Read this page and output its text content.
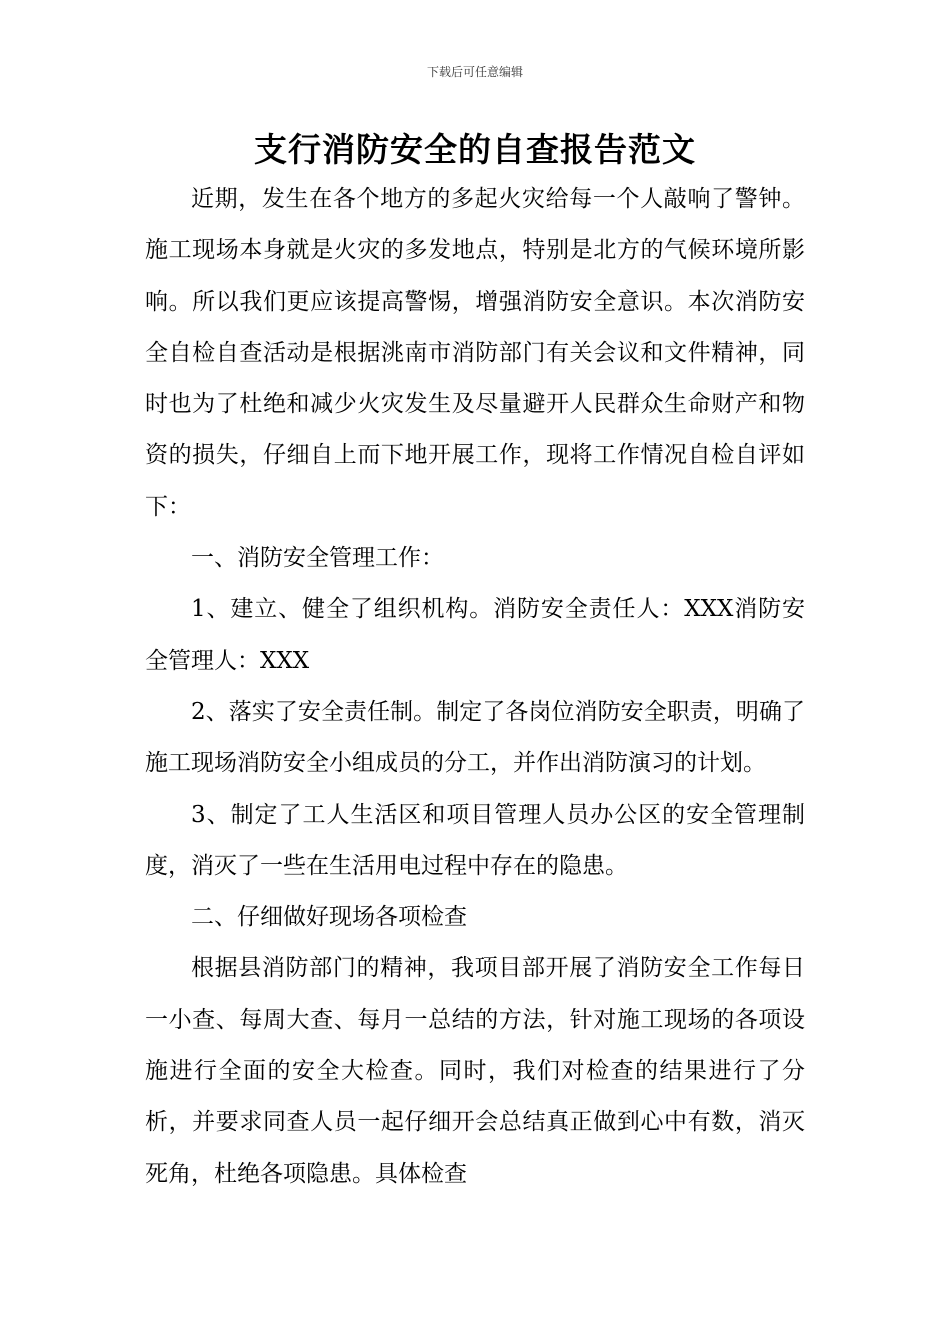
下载后可任意编辑
支行消防安全的自查报告范文

近期，发生在各个地方的多起火灾给每一个人敲响了警钟。施工现场本身就是火灾的多发地点，特别是北方的气候环境所影响。所以我们更应该提高警惕，增强消防安全意识。本次消防安全自检自查活动是根据洮南市消防部门有关会议和文件精神，同时也为了杜绝和减少火灾发生及尽量避开人民群众生命财产和物资的损失，仔细自上而下地开展工作，现将工作情况自检自评如下：

一、消防安全管理工作：

1、建立、健全了组织机构。消防安全责任人：XXX消防安全管理人：XXX

2、落实了安全责任制。制定了各岗位消防安全职责，明确了施工现场消防安全小组成员的分工，并作出消防演习的计划。

3、制定了工人生活区和项目管理人员办公区的安全管理制度，消灭了一些在生活用电过程中存在的隐患。

二、仔细做好现场各项检查

根据县消防部门的精神，我项目部开展了消防安全工作每日一小查、每周大查、每月一总结的方法，针对施工现场的各项设施进行全面的安全大检查。同时，我们对检查的结果进行了分析，并要求同查人员一起仔细开会总结真正做到心中有数，消灭死角，杜绝各项隐患。具体检查
